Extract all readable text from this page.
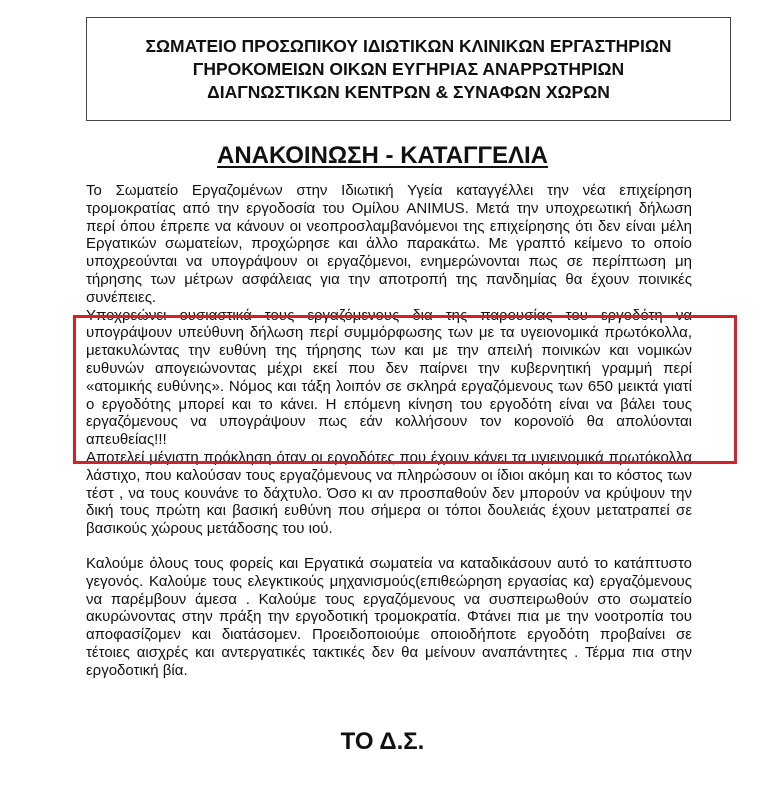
ΣΩΜΑΤΕΙΟ ΠΡΟΣΩΠΙΚΟΥ ΙΔΙΩΤΙΚΩΝ ΚΛΙΝΙΚΩΝ ΕΡΓΑΣΤΗΡΙΩΝ
ΓΗΡΟΚΟΜΕΙΩΝ ΟΙΚΩΝ ΕΥΓΗΡΙΑΣ ΑΝΑΡΡΩΤΗΡΙΩΝ
ΔΙΑΓΝΩΣΤΙΚΩΝ ΚΕΝΤΡΩΝ & ΣΥΝΑΦΩΝ ΧΩΡΩΝ
ΑΝΑΚΟΙΝΩΣΗ - ΚΑΤΑΓΓΕΛΙΑ

Το Σωματείο Εργαζομένων στην Ιδιωτική Υγεία καταγγέλλει την νέα επιχείρηση τρομοκρατίας από την εργοδοσία του Ομίλου ANIMUS. Μετά την υποχρεωτική δήλωση περί όπου έπρεπε να κάνουν οι νεοπροσλαμβανόμενοι της επιχείρησης ότι δεν είναι μέλη Εργατικών σωματείων, προχώρησε και άλλο παρακάτω. Με γραπτό κείμενο το οποίο υποχρεούνται να υπογράψουν οι εργαζόμενοι, ενημερώνονται πως σε περίπτωση μη τήρησης των μέτρων ασφάλειας για την αποτροπή της πανδημίας θα έχουν ποινικές συνέπειες.

Υποχρεώνει ουσιαστικά τους εργαζόμενους δια της παρουσίας του εργοδότη να υπογράψουν υπεύθυνη δήλωση περί συμμόρφωσης των με τα υγειονομικά πρωτόκολλα, μετακυλώντας την ευθύνη της τήρησης των και με την απειλή ποινικών και νομικών ευθυνών απογειώνοντας μέχρι εκεί που δεν παίρνει την κυβερνητική γραμμή περί «ατομικής ευθύνης». Νόμος και τάξη λοιπόν σε σκληρά εργαζόμενους των 650 μεικτά γιατί ο εργοδότης μπορεί και το κάνει. Η επόμενη κίνηση του εργοδότη είναι να βάλει τους εργαζόμενους να υπογράψουν πως εάν κολλήσουν τον κορονοϊό θα απολύονται απευθείας!!!

Αποτελεί μέγιστη πρόκληση όταν οι εργοδότες που έχουν κάνει τα υγιεινομικά πρωτόκολλα λάστιχο, που καλούσαν τους εργαζόμενους να πληρώσουν οι ίδιοι ακόμη και το κόστος των τέστ , να τους κουνάνε το δάχτυλο. Όσο κι αν προσπαθούν δεν μπορούν να κρύψουν την δική τους πρώτη και βασική ευθύνη που σήμερα οι τόποι δουλειάς έχουν μετατραπεί σε βασικούς χώρους μετάδοσης του ιού.

Καλούμε όλους τους φορείς και Εργατικά σωματεία να καταδικάσουν αυτό το κατάπτυστο γεγονός. Καλούμε τους ελεγκτικούς μηχανισμούς(επιθεώρηση εργασίας κα) εργαζόμενους να παρέμβουν άμεσα . Καλούμε τους εργαζόμενους να συσπειρωθούν στο σωματείο ακυρώνοντας στην πράξη την εργοδοτική τρομοκρατία. Φτάνει πια με την νοοτροπία του αποφασίζομεν και διατάσομεν. Προειδοποιούμε οποιοδήποτε εργοδότη προβαίνει σε τέτοιες αισχρές και αντεργατικές τακτικές δεν θα μείνουν αναπάντητες . Τέρμα πια στην εργοδοτική βία.

ΤΟ Δ.Σ.
